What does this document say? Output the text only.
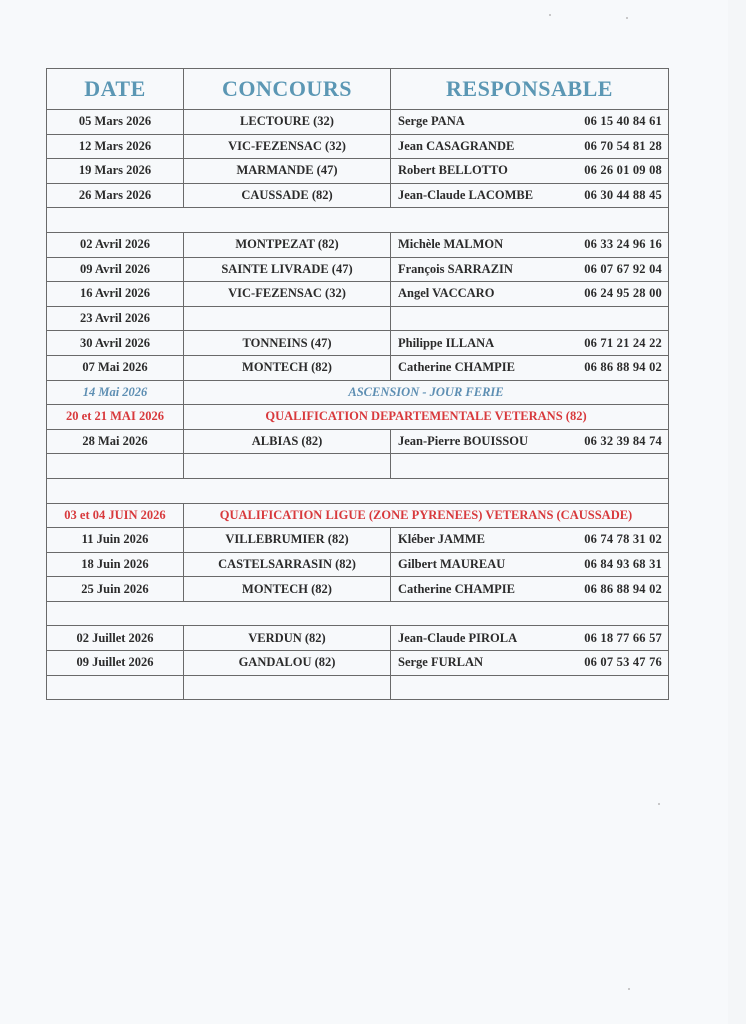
DATE	CONCOURS	RESPONSABLE
05 Mars 2026	LECTOURE (32)	Serge PANA 06 15 40 84 61

12 Mars 2026	VIC-FEZENSAC (32)	Jean CASAGRANDE 06 70 54 81 28

19 Mars 2026	MARMANDE (47)	Robert BELLOTTO 06 26 01 09 08

26 Mars 2026	CAUSSADE (82)	Jean-Claude LACOMBE 06 30 44 88 45

02 Avril 2026	MONTPEZAT (82)	Michèle MALMON 06 33 24 96 16

09 Avril 2026	SAINTE LIVRADE (47)	François SARRAZIN 06 07 67 92 04

16 Avril 2026	VIC-FEZENSAC (32)	Angel VACCARO 06 24 95 28 00

23 Avril 2026		
30 Avril 2026	TONNEINS (47)	Philippe ILLANA 06 71 21 24 22

07 Mai 2026	MONTECH (82)	Catherine CHAMPIE 06 86 88 94 02

14 Mai 2026	ASCENSION - JOUR FERIE	
20 et 21 MAI 2026	QUALIFICATION DEPARTEMENTALE VETERANS (82)	
28 Mai 2026	ALBIAS (82)	Jean-Pierre BOUISSOU 06 32 39 84 74

03 et 04 JUIN 2026	QUALIFICATION LIGUE (ZONE PYRENEES) VETERANS (CAUSSADE)	
11 Juin 2026	VILLEBRUMIER (82)	Kléber JAMME 06 74 78 31 02

18 Juin 2026	CASTELSARRASIN (82)	Gilbert MAUREAU 06 84 93 68 31

25 Juin 2026	MONTECH (82)	Catherine CHAMPIE 06 86 88 94 02

02 Juillet 2026	VERDUN (82)	Jean-Claude PIROLA 06 18 77 66 57

09 Juillet 2026	GANDALOU (82)	Serge FURLAN 06 07 53 47 76
